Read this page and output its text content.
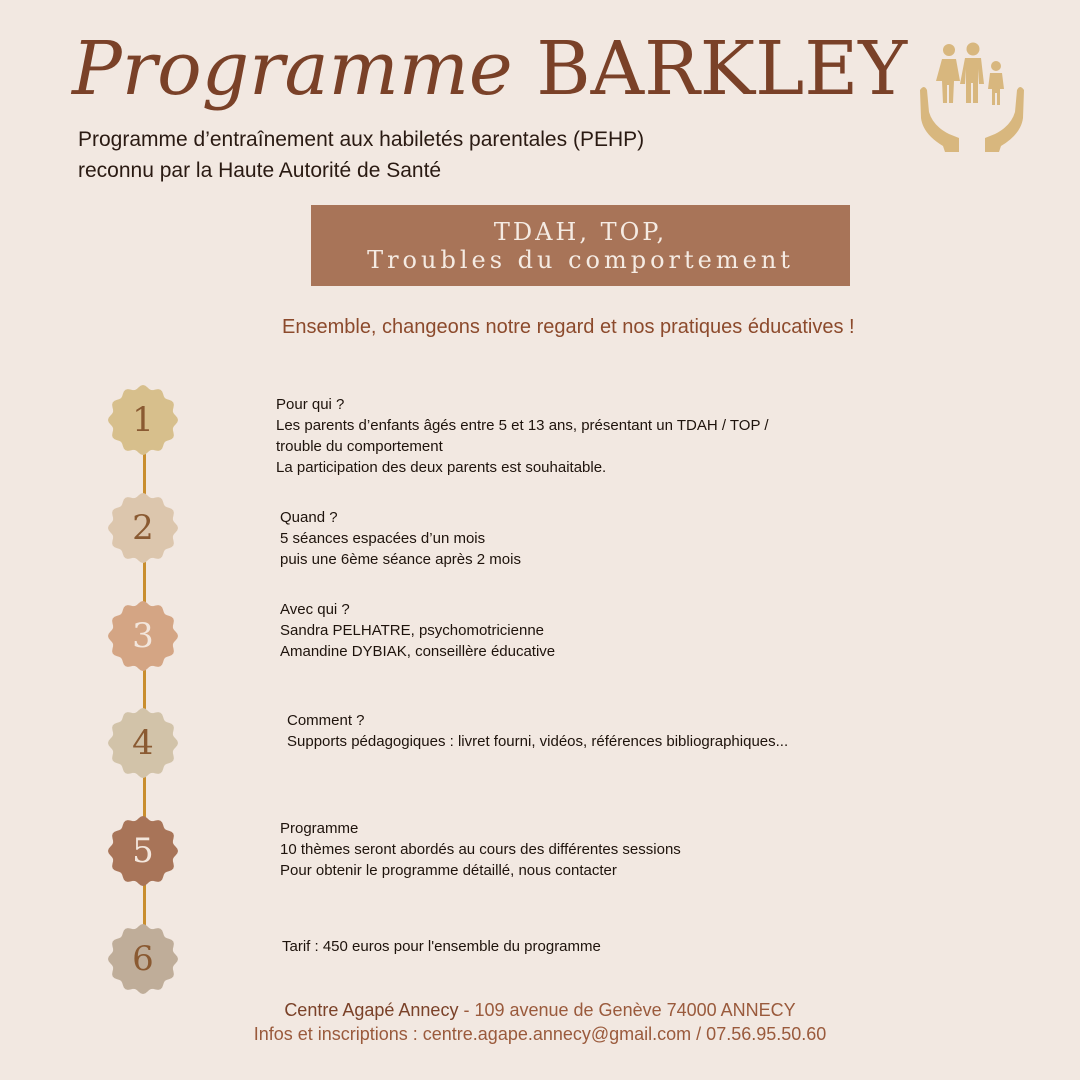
Programme BARKLEY
Programme d’entraînement aux habiletés parentales (PEHP)
reconnu par la Haute Autorité de Santé
TDAH, TOP,
Troubles du comportement
Ensemble, changeons notre regard et nos pratiques éducatives !
1
2
3
4
5
6
Pour qui ?
Les parents d’enfants âgés entre 5 et 13 ans, présentant un TDAH / TOP /
trouble du comportement
La participation des deux parents est souhaitable.
Quand ?
5 séances espacées d’un mois
puis une 6ème séance après 2 mois
Avec qui ?
Sandra PELHATRE, psychomotricienne
Amandine DYBIAK, conseillère éducative
Comment ?
Supports pédagogiques : livret fourni, vidéos, références bibliographiques...
Programme
10 thèmes seront abordés au cours des différentes sessions
Pour obtenir le programme détaillé, nous contacter
Tarif : 450 euros pour l'ensemble du programme
Centre Agapé Annecy - 109 avenue de Genève 74000 ANNECY
Infos et inscriptions : centre.agape.annecy@gmail.com / 07.56.95.50.60
